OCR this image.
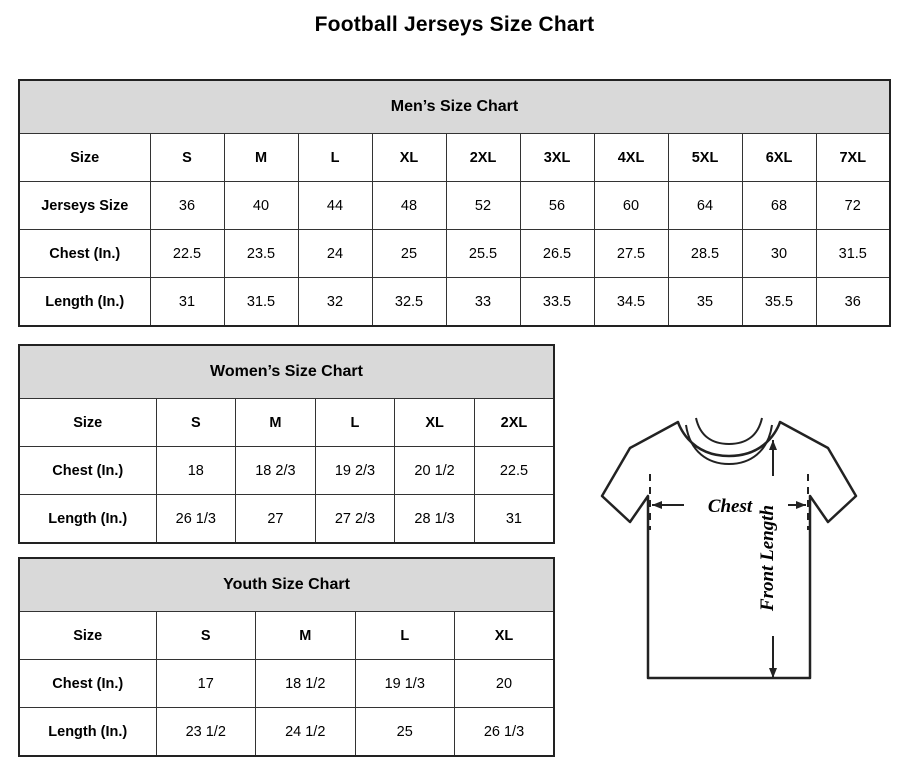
Football Jerseys Size Chart
Men’s Size Chart										
Size	S	M	L	XL	2XL	3XL	4XL	5XL	6XL	7XL
Jerseys Size	36	40	44	48	52	56	60	64	68	72
Chest (In.)	22.5	23.5	24	25	25.5	26.5	27.5	28.5	30	31.5
Length (In.)	31	31.5	32	32.5	33	33.5	34.5	35	35.5	36
Women’s Size Chart					
Size	S	M	L	XL	2XL
Chest (In.)	18	18 2/3	19 2/3	20 1/2	22.5
Length (In.)	26 1/3	27	27 2/3	28 1/3	31
Youth Size Chart				
Size	S	M	L	XL
Chest (In.)	17	18 1/2	19 1/3	20
Length (In.)	23 1/2	24 1/2	25	26 1/3
Chest Front Length
